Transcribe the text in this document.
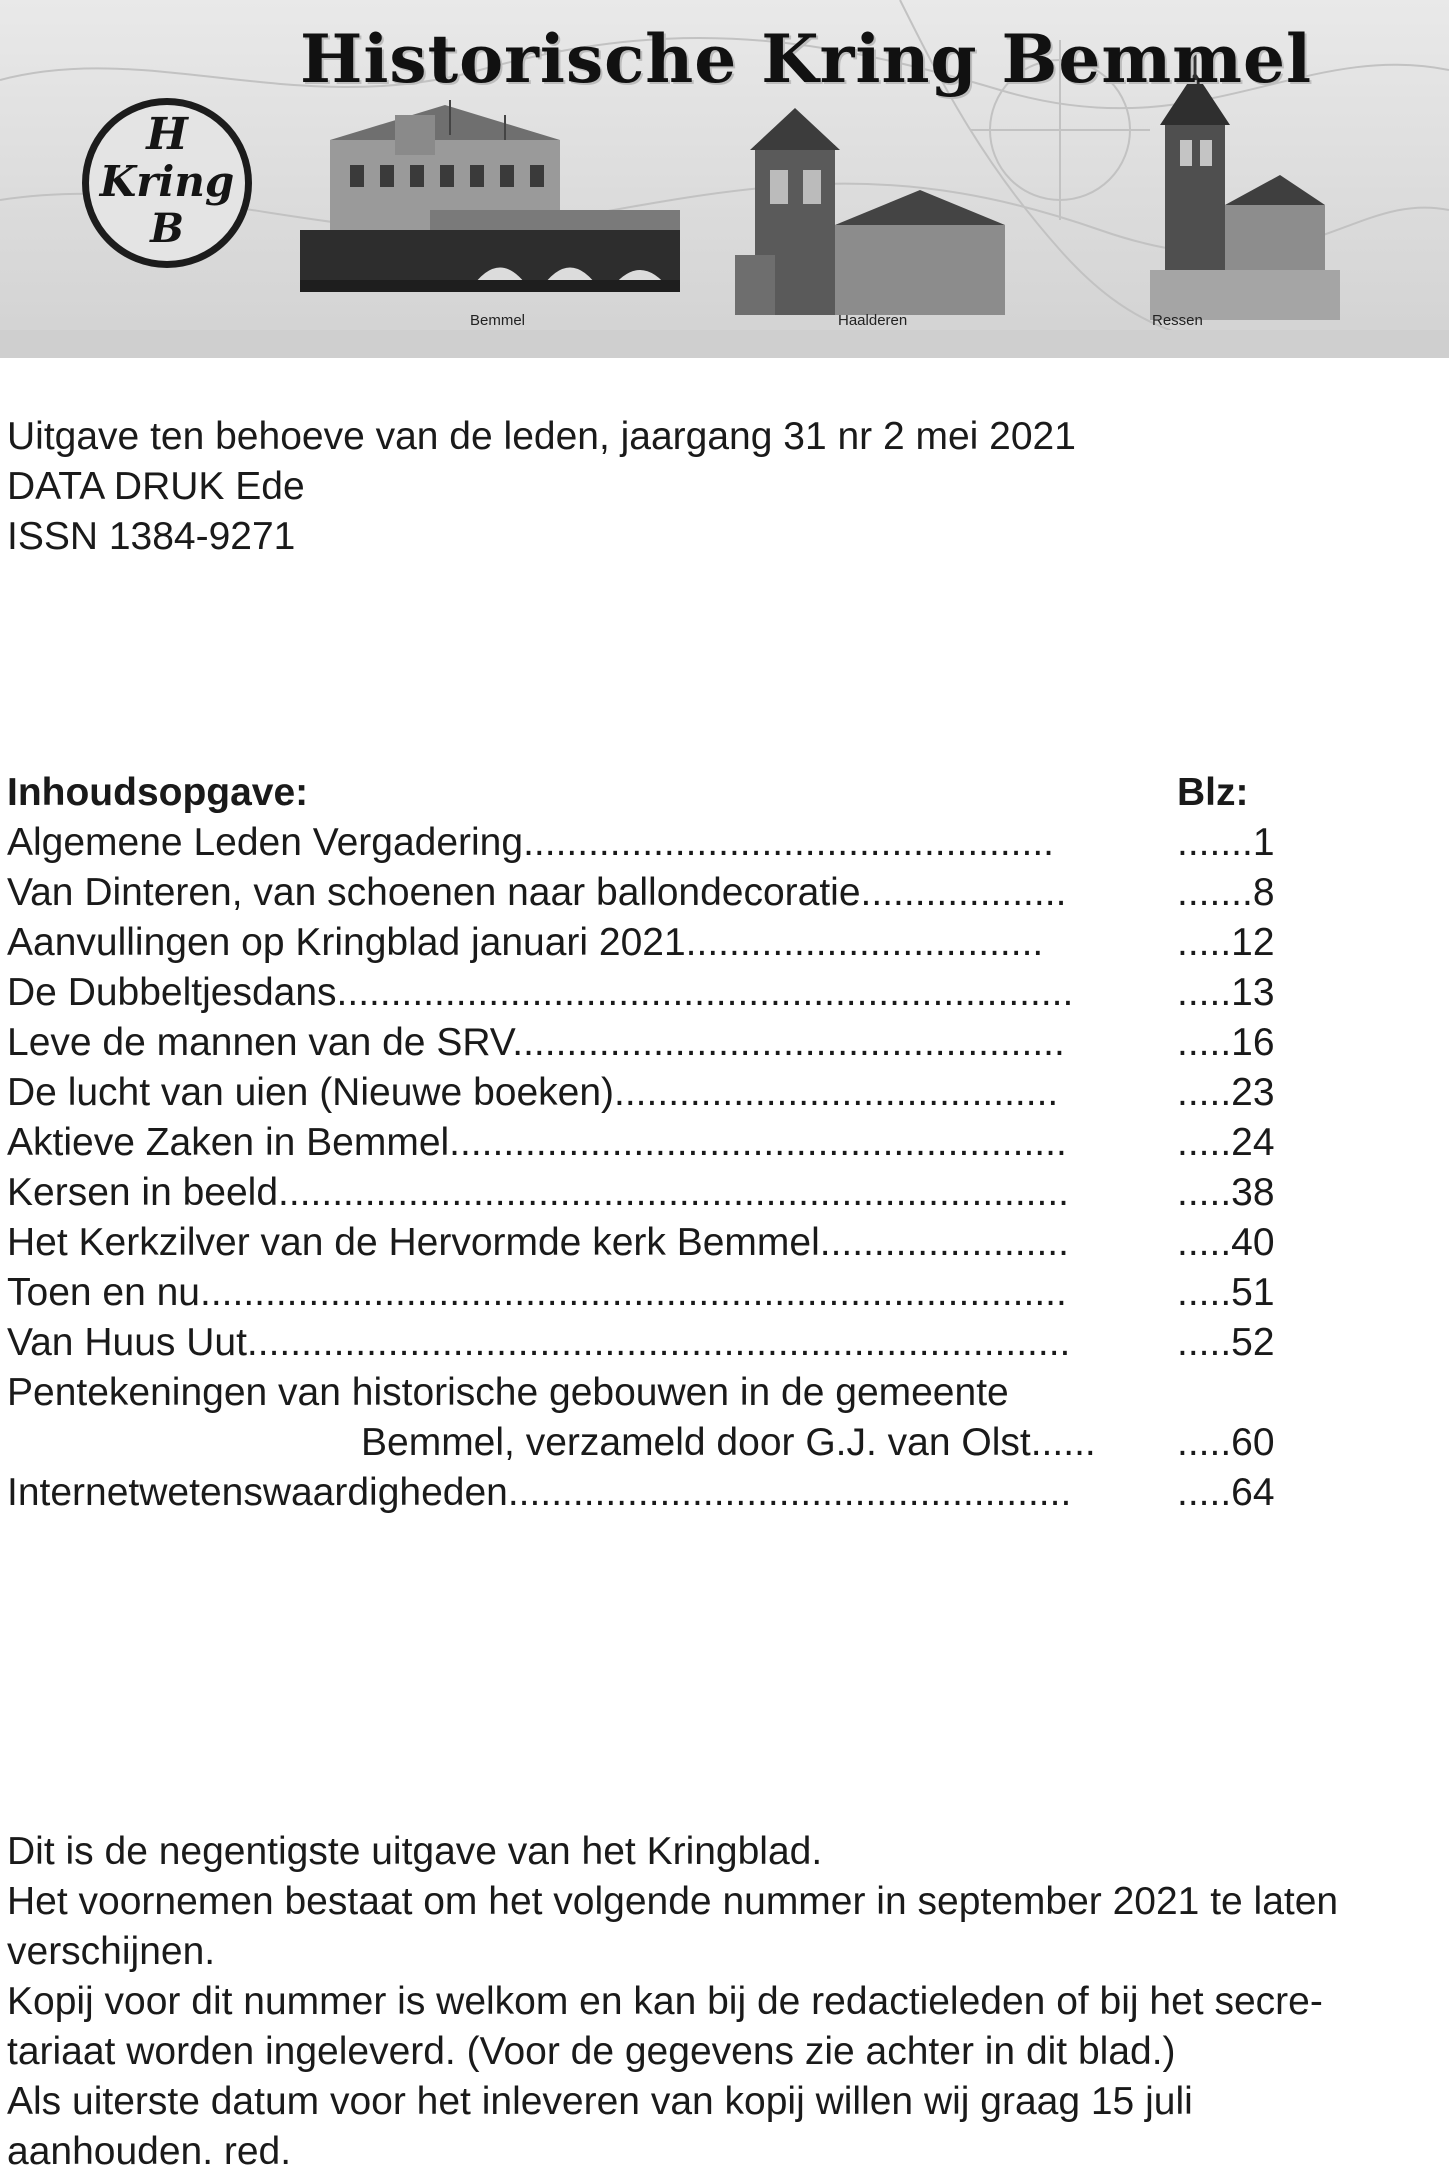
Historische Kring Bemmel
H
Kring
B
Bemmel	Haalderen	Ressen
Uitgave ten behoeve van de leden, jaargang 31 nr 2 mei 2021
DATA DRUK Ede
ISSN 1384-9271
Inhoudsopgave:	Blz:
Algemene Leden Vergadering.................................................	.......1
Van Dinteren, van schoenen naar ballondecoratie...................	.......8
Aanvullingen op Kringblad januari 2021.................................	.....12
De Dubbeltjesdans....................................................................	.....13
Leve de mannen van de SRV...................................................	.....16
De lucht van uien (Nieuwe boeken).........................................	.....23
Aktieve Zaken in Bemmel.........................................................	.....24
Kersen in beeld.........................................................................	.....38
Het Kerkzilver van de Hervormde kerk Bemmel.......................	.....40
Toen en nu................................................................................	.....51
Van Huus Uut............................................................................	.....52
Pentekeningen van historische gebouwen in de gemeente
Bemmel, verzameld door G.J. van Olst......	.....60
Internetwetenswaardigheden....................................................	.....64
Dit is de negentigste uitgave van het Kringblad.
Het voornemen bestaat om het volgende nummer in september 2021 te laten
verschijnen.
Kopij voor dit nummer is welkom en kan bij de redactieleden of bij het secre-
tariaat worden ingeleverd. (Voor de gegevens zie achter in dit blad.)
Als uiterste datum voor het inleveren van kopij willen wij graag 15 juli
aanhouden. red.
